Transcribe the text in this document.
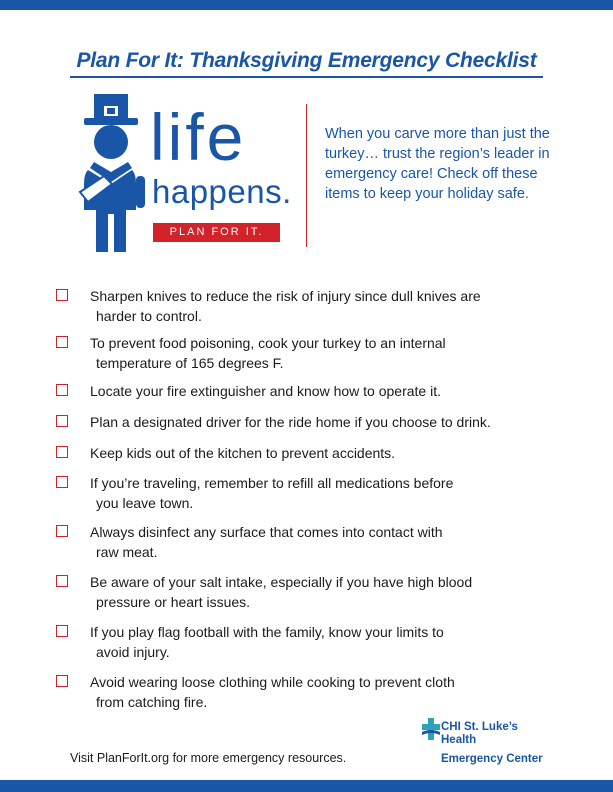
Plan For It: Thanksgiving Emergency Checklist
life
happens.
PLAN FOR IT.

When you carve more than just the turkey… trust the region’s leader in emergency care! Check off these items to keep your holiday safe.

Sharpen knives to reduce the risk of injury since dull knives are
harder to control.
To prevent food poisoning, cook your turkey to an internal
temperature of 165 degrees F.
Locate your fire extinguisher and know how to operate it.
Plan a designated driver for the ride home if you choose to drink.
Keep kids out of the kitchen to prevent accidents.
If you’re traveling, remember to refill all medications before
you leave town.
Always disinfect any surface that comes into contact with
raw meat.
Be aware of your salt intake, especially if you have high blood
pressure or heart issues.
If you play flag football with the family, know your limits to
avoid injury.
Avoid wearing loose clothing while cooking to prevent cloth
from catching fire.
Visit PlanForIt.org for more emergency resources.
CHI St. Luke’s
Health
Emergency Center
